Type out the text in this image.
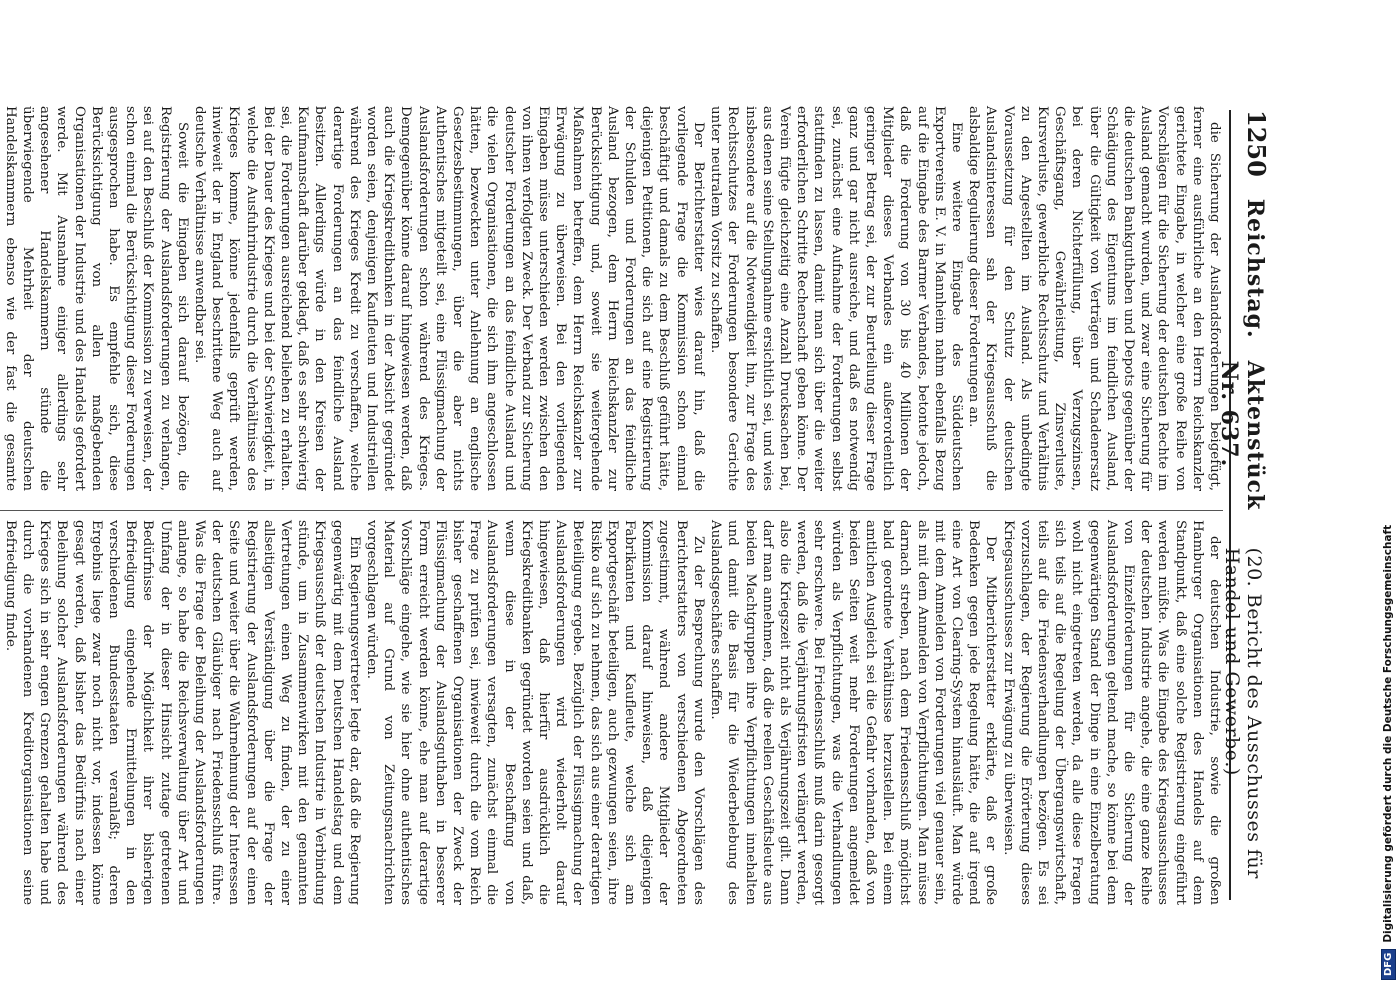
1250
Reichstag.
Aktenstück Nr. 637.
(20. Bericht des Ausschusses für Handel und Gewerbe.)

die Sicherung der Auslandsforderungen beigefügt, ferner eine ausführliche an den Herrn Reichskanzler gerichtete Eingabe, in welcher eine große Reihe von Vorschlägen für die Sicherung der deutschen Rechte im Ausland gemacht wurden, und zwar eine Sicherung für die deutschen Bankguthaben und Depots gegenüber der Schädigung des Eigentums im feindlichen Ausland, über die Gültigkeit von Verträgen und Schadenersatz bei deren Nichterfüllung, über Verzugszinsen, Geschäftsgang, Gewährleistung, Zinsverluste, Kursverluste, gewerbliche Rechtsschutz und Verhältnis zu den Angestellten im Ausland. Als unbedingte Voraussetzung für den Schutz der deutschen Auslandsinteressen sah der Kriegsausschuß die alsbaldige Regulierung dieser Forderungen an.

Eine weitere Eingabe des Süddeutschen Exportvereins E. V. in Mannheim nahm ebenfalls Bezug auf die Eingabe des Barmer Verbandes, betonte jedoch, daß die Forderung von 30 bis 40 Millionen der Mitglieder dieses Verbandes ein außerordentlich geringer Betrag sei, der zur Beurteilung dieser Frage ganz und gar nicht ausreiche, und daß es notwendig sei, zunächst eine Aufnahme der Forderungen selbst stattfinden zu lassen, damit man sich über die weiter erforderlichen Schritte Rechenschaft geben könne. Der Verein fügte gleichzeitig eine Anzahl Drucksachen bei, aus denen seine Stellungnahme ersichtlich sei, und wies insbesondere auf die Notwendigkeit hin, zur Frage des Rechtsschutzes der Forderungen besondere Gerichte unter neutralem Vorsitz zu schaffen.

Der Berichterstatter wies darauf hin, daß die vorliegende Frage die Kommission schon einmal beschäftigt und damals zu dem Beschluß geführt hätte, diejenigen Petitionen, die sich auf eine Registrierung der Schulden und Forderungen an das feindliche Ausland bezogen, dem Herrn Reichskanzler zur Berücksichtigung und, soweit sie weitergehende Maßnahmen betreffen, dem Herrn Reichskanzler zur Erwägung zu überweisen. Bei den vorliegenden Eingaben müsse unterschieden werden zwischen den von ihnen verfolgten Zweck. Der Verband zur Sicherung deutscher Forderungen an das feindliche Ausland und die vielen Organisationen, die sich ihm angeschlossen hätten, bezweckten unter Anlehnung an englische Gesetzesbestimmungen, über die aber nichts Authentisches mitgeteilt sei, eine Flüssigmachung der Auslandsforderungen schon während des Krieges. Demgegenüber könne darauf hingewiesen werden, daß auch die Kriegskreditbanken in der Absicht gegründet worden seien, denjenigen Kaufleuten und Industriellen während des Krieges Kredit zu verschaffen, welche derartige Forderungen an das feindliche Ausland besitzen. Allerdings würde in den Kreisen der Kaufmannschaft darüber geklagt, daß es sehr schwierig sei, die Forderungen ausreichend beliehen zu erhalten. Bei der Dauer des Krieges und bei der Schwierigkeit, in welche die Ausfuhrindustrie durch die Verhältnisse des Krieges komme, könne jedenfalls geprüft werden, inwieweit der in England beschrittene Weg auch auf deutsche Verhältnisse anwendbar sei.

Soweit die Eingaben sich darauf bezögen, die Registrierung der Auslandsforderungen zu verlangen, sei auf den Beschluß der Kommission zu verweisen, der schon einmal die Berücksichtigung dieser Forderungen ausgesprochen habe. Es empfehle sich, diese Berücksichtigung von allen maßgebenden Organisationen der Industrie und des Handels gefordert werde. Mit Ausnahme einiger allerdings sehr angesehener Handelskammern stünde die überwiegende Mehrheit der deutschen Handelskammern ebenso wie der fast die gesamte

der deutschen Industrie, sowie die großen Hamburger Organisationen des Handels auf dem Standpunkt, daß eine solche Registrierung eingeführt werden müßte. Was die Eingabe des Kriegsausschusses der deutschen Industrie angehe, die eine ganze Reihe von Einzelforderungen für die Sicherung der Auslandsforderungen geltend mache, so könne bei dem gegenwärtigen Stand der Dinge in eine Einzelberatung wohl nicht eingetreten werden, da alle diese Fragen sich teils auf die Regelung der Übergangswirtschaft, teils auf die Friedensverhandlungen bezögen. Es sei vorzuschlagen, der Regierung die Erörterung dieses Kriegsausschusses zur Erwägung zu überweisen.

Der Mitberichterstatter erklärte, daß er große Bedenken gegen jede Regelung hätte, die auf irgend eine Art von Clearing-System hinausläuft. Man würde mit dem Anmelden von Forderungen viel genauer sein, als mit dem Anmelden von Verpflichtungen. Man müsse darnach streben, nach dem Friedensschluß möglichst bald geordnete Verhältnisse herzustellen. Bei einem amtlichen Ausgleich sei die Gefahr vorhanden, daß von beiden Seiten weit mehr Forderungen angemeldet würden als Verpflichtungen, was die Verhandlungen sehr erschwere. Bei Friedensschluß muß darin gesorgt werden, daß die Verjährungsfristen verlängert werden, also die Kriegszeit nicht als Verjährungszeit gilt. Dann darf man annehmen, daß die reellen Geschäftsleute aus beiden Machtgruppen ihre Verpflichtungen innehalten und damit die Basis für die Wiederbelebung des Auslandsgeschäftes schaffen.

Zu der Besprechung wurde den Vorschlägen des Berichterstatters von verschiedenen Abgeordneten zugestimmt, während andere Mitglieder der Kommission darauf hinweisen, daß diejenigen Fabrikanten und Kaufleute, welche sich am Exportgeschäft beteiligen, auch gezwungen seien, ihre Risiko auf sich zu nehmen, das sich aus einer derartigen Beteiligung ergebe. Bezüglich der Flüssigmachung der Auslandsforderungen wird wiederholt darauf hingewiesen, daß hierfür ausdrücklich die Kriegskreditbanken gegründet worden seien und daß, wenn diese in der Beschaffung von Auslandsforderungen versagten, zunächst einmal die Frage zu prüfen sei, inwieweit durch die vom Reich bisher geschaffenen Organisationen der Zweck der Flüssigmachung der Auslandsguthaben in besserer Form erreicht werden könne, ehe man auf derartige Vorschläge eingehe, wie sie hier ohne authentisches Material auf Grund von Zeitungsnachrichten vorgeschlagen würden.

Ein Regierungsvertreter legte dar, daß die Regierung gegenwärtig mit dem Deutschen Handelstag und dem Kriegsausschuß der deutschen Industrie in Verbindung stünde, um in Zusammenwirken mit den genannten Vertretungen einen Weg zu finden, der zu einer allseitigen Verständigung über die Frage der Registrierung der Auslandsforderungen auf der einen Seite und weiter über die Wahrnehmung der Interessen der deutschen Gläubiger nach Friedensschluß führe. Was die Frage der Beleihung der Auslandsforderungen anlange, so habe die Reichsverwaltung über Art und Umfang der in dieser Hinsicht zutage getretenen Bedürfnisse der Möglichkeit ihrer bisherigen Befriedigung eingehende Ermittelungen in den verschiedenen Bundesstaaten veranlaßt; deren Ergebnis liege zwar noch nicht vor, indessen könne gesagt werden, daß bisher das Bedürfnis nach einer Beleihung solcher Auslandsforderungen während des Krieges sich in sehr engen Grenzen gehalten habe und durch die vorhandenen Kreditorganisationen seine Befriedigung finde.

DFG
Digitalisierung gefördert durch die Deutsche Forschungsgemeinschaft
